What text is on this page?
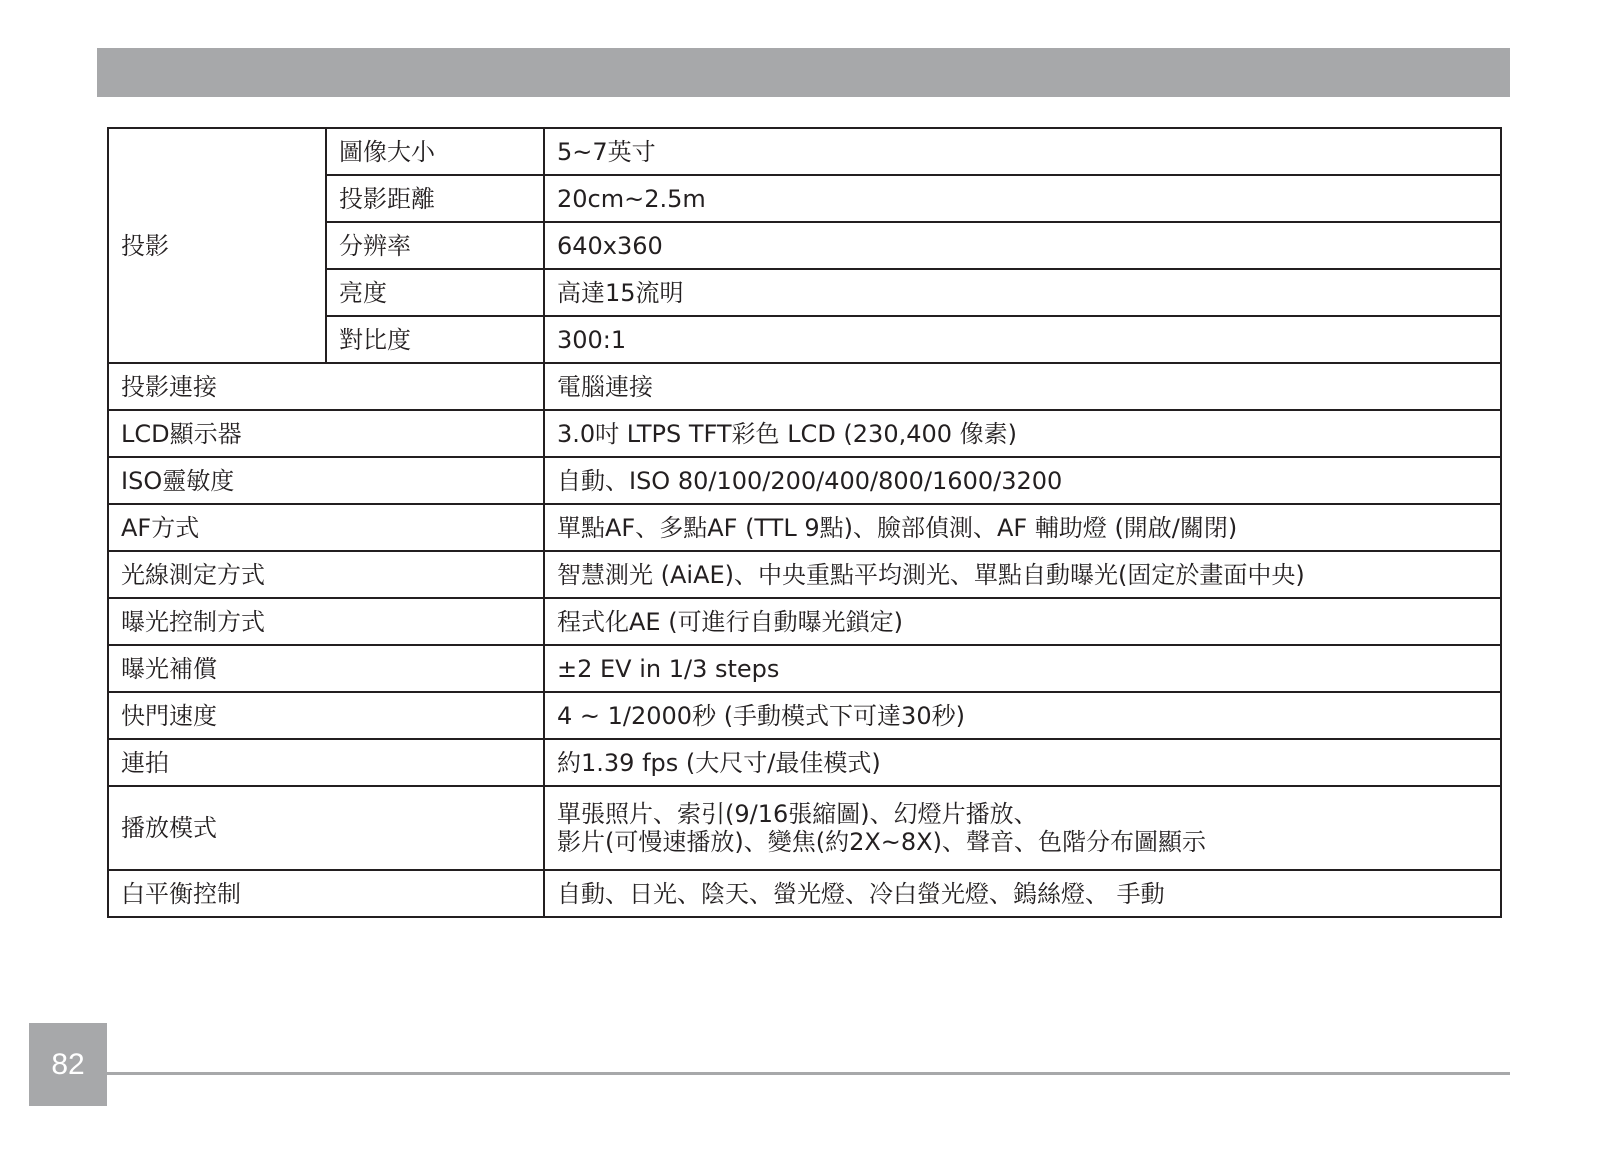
投影	圖像大小	5~7英寸
	投影距離	20cm~2.5m
	分辨率	640x360
	亮度	高達15流明
	對比度	300:1
投影連接		電腦連接
LCD顯示器		3.0吋 LTPS TFT彩色 LCD (230,400 像素)
ISO靈敏度		自動、ISO 80/100/200/400/800/1600/3200
AF方式		單點AF、多點AF (TTL 9點)、臉部偵測、AF 輔助燈 (開啟/關閉)
光線測定方式		智慧測光 (AiAE)、中央重點平均測光、單點自動曝光(固定於畫面中央)
曝光控制方式		程式化AE (可進行自動曝光鎖定)
曝光補償		±2 EV in 1/3 steps
快門速度		4 ~ 1/2000秒 (手動模式下可達30秒)
連拍		約1.39 fps (大尺寸/最佳模式)
播放模式		單張照片、索引(9/16張縮圖)、幻燈片播放、
影片(可慢速播放)、變焦(約2X~8X)、聲音、色階分布圖顯示

白平衡控制		自動、日光、陰天、螢光燈、冷白螢光燈、鎢絲燈、 手動
82
